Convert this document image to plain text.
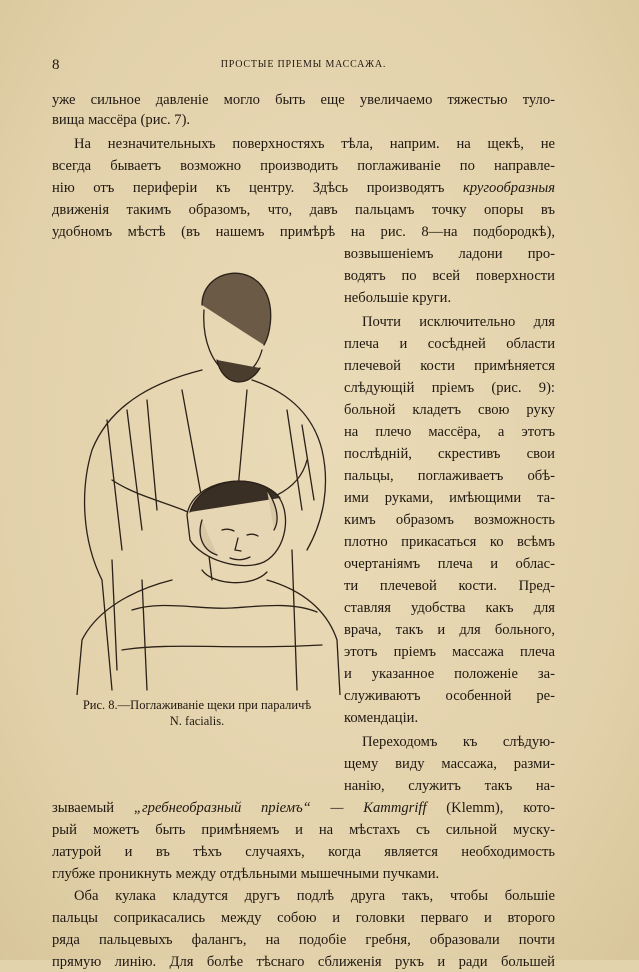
8	ПРОСТЫЕ ПРІЕМЫ МАССАЖА.
уже сильное давленіе могло быть еще увеличаемо тяжестью туло-
вища массёра (рис. 7).
На незначительныхъ поверхностяхъ тѣла, наприм. на щекѣ, не
всегда бываетъ возможно производить поглаживаніе по направле-
нію отъ периферіи къ центру. Здѣсь производятъ кругообразныя
движенія такимъ образомъ, что, давъ пальцамъ точку опоры въ
удобномъ мѣстѣ (въ нашемъ примѣрѣ на рис. 8—на подбородкѣ),
возвышеніемъ ладони про-
водятъ по всей поверхности
небольшіе круги.
Почти исключительно для
плеча и сосѣдней области
плечевой кости примѣняется
слѣдующій пріемъ (рис. 9):
больной кладетъ свою руку
на плечо массёра, а этотъ
послѣдній, скрестивъ свои
пальцы, поглаживаетъ обѣ-
ими руками, имѣющими та-
кимъ образомъ возможность
плотно прикасаться ко всѣмъ
очертаніямъ плеча и облас-
ти плечевой кости. Пред-
ставляя удобства какъ для
врача, такъ и для больного,
этотъ пріемъ массажа плеча
и указанное положеніе за-
служиваютъ особенной ре-
комендаціи.
Переходомъ къ слѣдую-
щему виду массажа, разми-
нанію, служитъ такъ на-
зываемый „гребнеобразный пріемъ“ — Kammgriff (Klemm), кото-
рый можетъ быть примѣняемъ и на мѣстахъ съ сильной муску-
латурой и въ тѣхъ случаяхъ, когда является необходимость
глубже проникнуть между отдѣльными мышечными пучками.
Оба кулака кладутся другъ подлѣ друга такъ, чтобы большіе
пальцы соприкасались между собою и головки перваго и второго
ряда пальцевыхъ фалангъ, на подобіе гребня, образовали почти
прямую линію. Для болѣе тѣснаго сближенія рукъ и ради большей
Рис. 8.—Поглаживаніе щеки при параличѣ
N. facialis.
